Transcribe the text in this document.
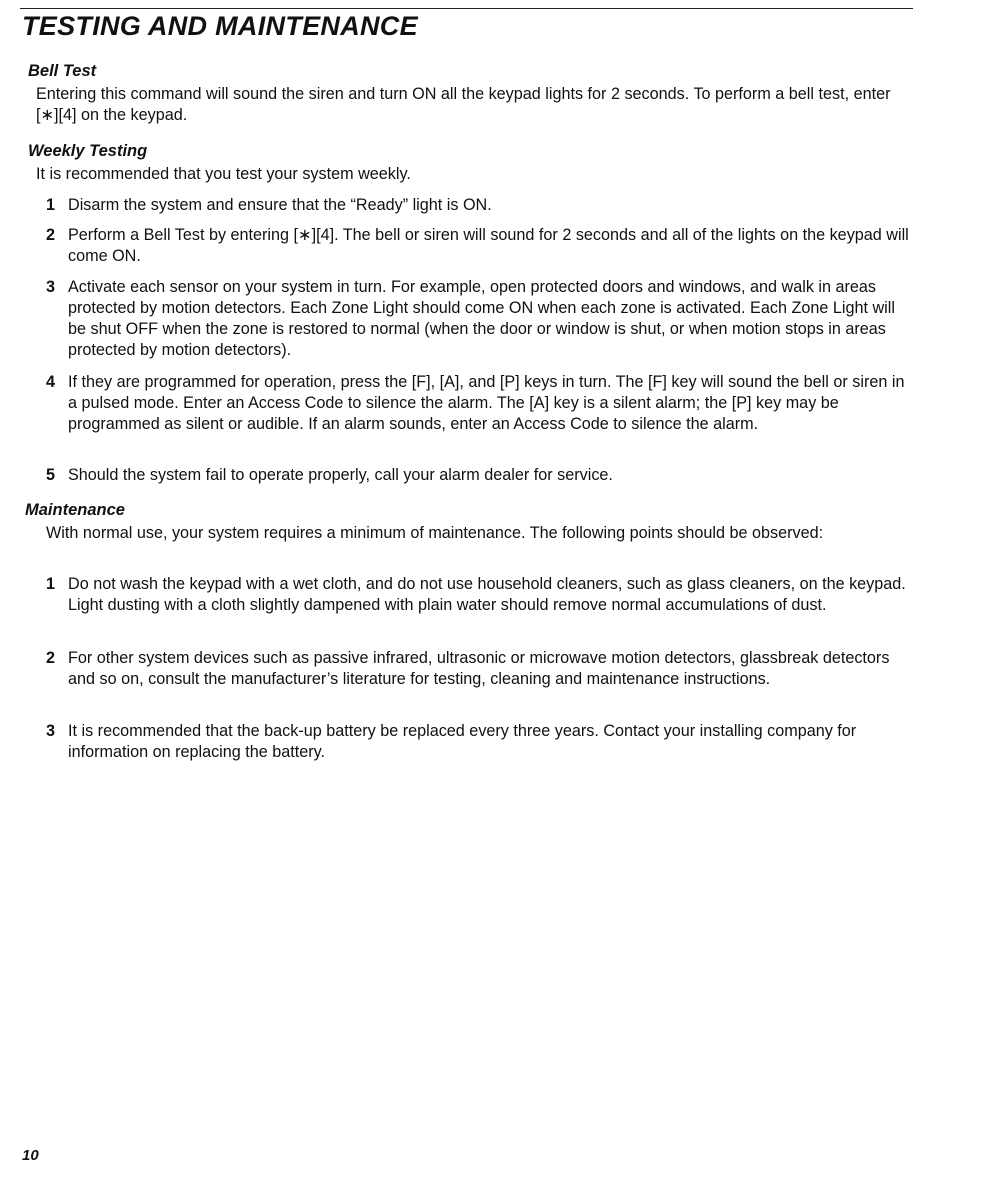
TESTING AND MAINTENANCE
Bell Test

Entering this command will sound the siren and turn ON all the keypad lights for 2 seconds. To perform a bell test, enter [∗][4] on the keypad.

Weekly Testing

It is recommended that you test your system weekly.

1 Disarm the system and ensure that the “Ready” light is ON.
2 Perform a Bell Test by entering [∗][4]. The bell or siren will sound for 2 seconds and all of the lights on the keypad will come ON.
3 Activate each sensor on your system in turn. For example, open protected doors and windows, and walk in areas protected by motion detectors. Each Zone Light should come ON when each zone is activated. Each Zone Light will be shut OFF when the zone is restored to normal (when the door or window is shut, or when motion stops in areas protected by motion detectors).
4 If they are programmed for operation, press the [F], [A], and [P] keys in turn. The [F] key will sound the bell or siren in a pulsed mode. Enter an Access Code to silence the alarm. The [A] key is a silent alarm; the [P] key may be programmed as silent or audible. If an alarm sounds, enter an Access Code to silence the alarm.
5 Should the system fail to operate properly, call your alarm dealer for service.
Maintenance

With normal use, your system requires a minimum of maintenance. The following points should be observed:

1 Do not wash the keypad with a wet cloth, and do not use household cleaners, such as glass cleaners, on the keypad. Light dusting with a cloth slightly dampened with plain water should remove normal accumulations of dust.
2 For other system devices such as passive infrared, ultrasonic or microwave motion detectors, glassbreak detectors and so on, consult the manufacturer’s literature for testing, cleaning and maintenance instructions.
3 It is recommended that the back-up battery be replaced every three years. Contact your installing company for information on replacing the battery.

10
